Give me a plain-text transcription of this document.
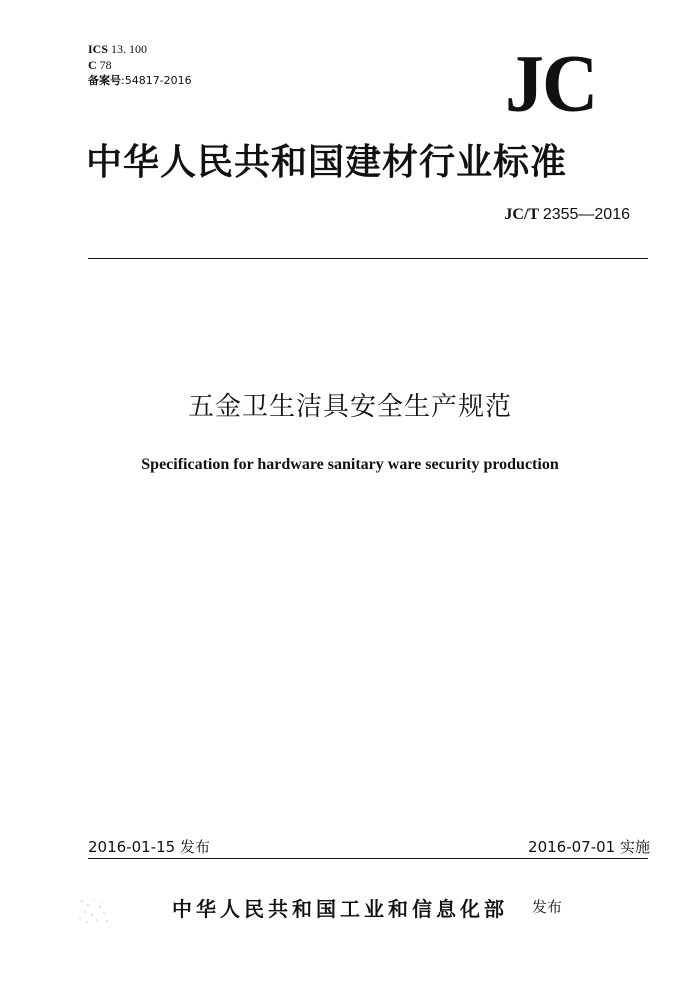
ICS 13. 100
C 78
备案号:54817-2016	JC
中华人民共和国建材行业标准
JC/T 2355—2016
五金卫生洁具安全生产规范
Specification for hardware sanitary ware security production
2016-01-15 发布	2016-07-01 实施
中华人民共和国工业和信息化部 发布
